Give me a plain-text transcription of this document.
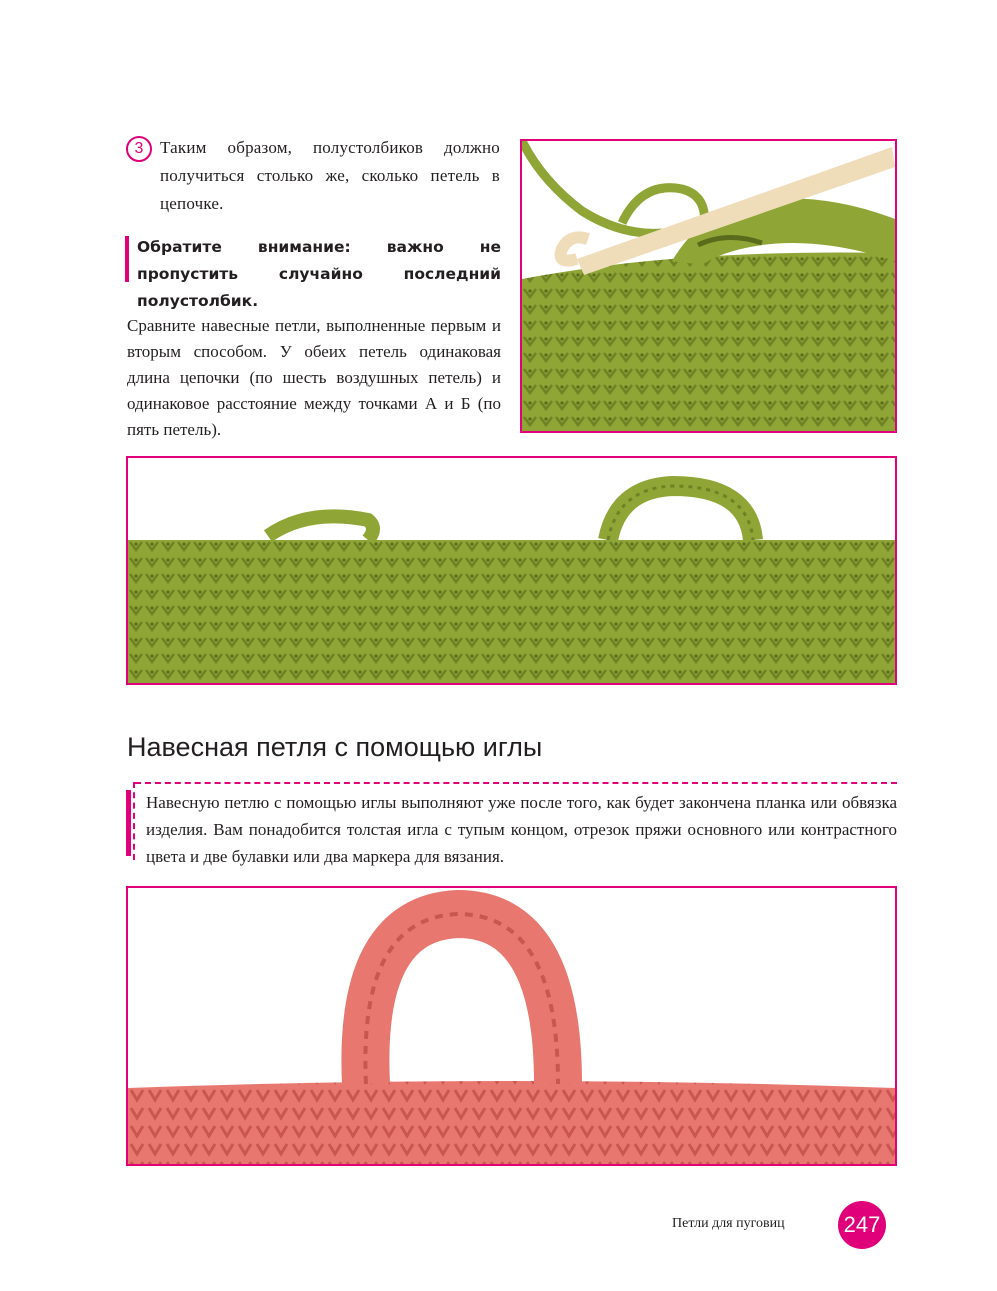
3 Таким образом, полустолбиков должно получиться столько же, сколько петель в цепочке.
Обратите внимание: важно не пропустить случайно последний полустолбик.
Сравните навесные петли, выполненные первым и вторым способом. У обеих петель одинаковая длина цепочки (по шесть воздушных петель) и одинаковое расстояние между точками А и Б (по пять петель).
Навесная петля с помощью иглы
Навесную петлю с помощью иглы выполняют уже после того, как будет закончена планка или обвязка изделия. Вам понадобится толстая игла с тупым концом, отрезок пряжи основного или контрастного цвета и две булавки или два маркера для вязания.
Петли для пуговиц	247
